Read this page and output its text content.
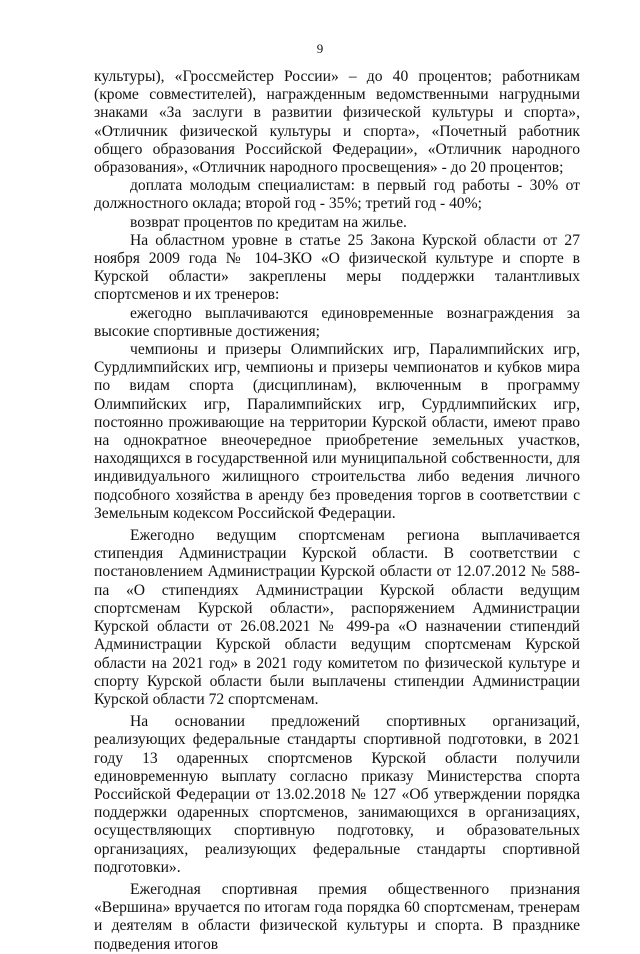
9

культуры), «Гроссмейстер России» – до 40 процентов; работникам (кроме совместителей), награжденным ведомственными нагрудными знаками «За заслуги в развитии физической культуры и спорта», «Отличник физической культуры и спорта», «Почетный работник общего образования Российской Федерации», «Отличник народного образования», «Отличник народного просвещения» - до 20 процентов;

доплата молодым специалистам: в первый год работы - 30% от должностного оклада; второй год - 35%; третий год - 40%;

возврат процентов по кредитам на жилье.

На областном уровне в статье 25 Закона Курской области от 27 ноября 2009 года № 104-ЗКО «О физической культуре и спорте в Курской области» закреплены меры поддержки талантливых спортсменов и их тренеров:

ежегодно выплачиваются единовременные вознаграждения за высокие спортивные достижения;

чемпионы и призеры Олимпийских игр, Паралимпийских игр, Сурдлимпийских игр, чемпионы и призеры чемпионатов и кубков мира по видам спорта (дисциплинам), включенным в программу Олимпийских игр, Паралимпийских игр, Сурдлимпийских игр, постоянно проживающие на территории Курской области, имеют право на однократное внеочередное приобретение земельных участков, находящихся в государственной или муниципальной собственности, для индивидуального жилищного строительства либо ведения личного подсобного хозяйства в аренду без проведения торгов в соответствии с Земельным кодексом Российской Федерации.

Ежегодно ведущим спортсменам региона выплачивается стипендия Администрации Курской области. В соответствии с постановлением Администрации Курской области от 12.07.2012 № 588-па «О стипендиях Администрации Курской области ведущим спортсменам Курской области», распоряжением Администрации Курской области от 26.08.2021 № 499-ра «О назначении стипендий Администрации Курской области ведущим спортсменам Курской области на 2021 год» в 2021 году комитетом по физической культуре и спорту Курской области были выплачены стипендии Администрации Курской области 72 спортсменам.

На основании предложений спортивных организаций, реализующих федеральные стандарты спортивной подготовки, в 2021 году 13 одаренных спортсменов Курской области получили единовременную выплату согласно приказу Министерства спорта Российской Федерации от 13.02.2018 № 127 «Об утверждении порядка поддержки одаренных спортсменов, занимающихся в организациях, осуществляющих спортивную подготовку, и образовательных организациях, реализующих федеральные стандарты спортивной подготовки».

Ежегодная спортивная премия общественного признания «Вершина» вручается по итогам года порядка 60 спортсменам, тренерам и деятелям в области физической культуры и спорта. В празднике подведения итогов
